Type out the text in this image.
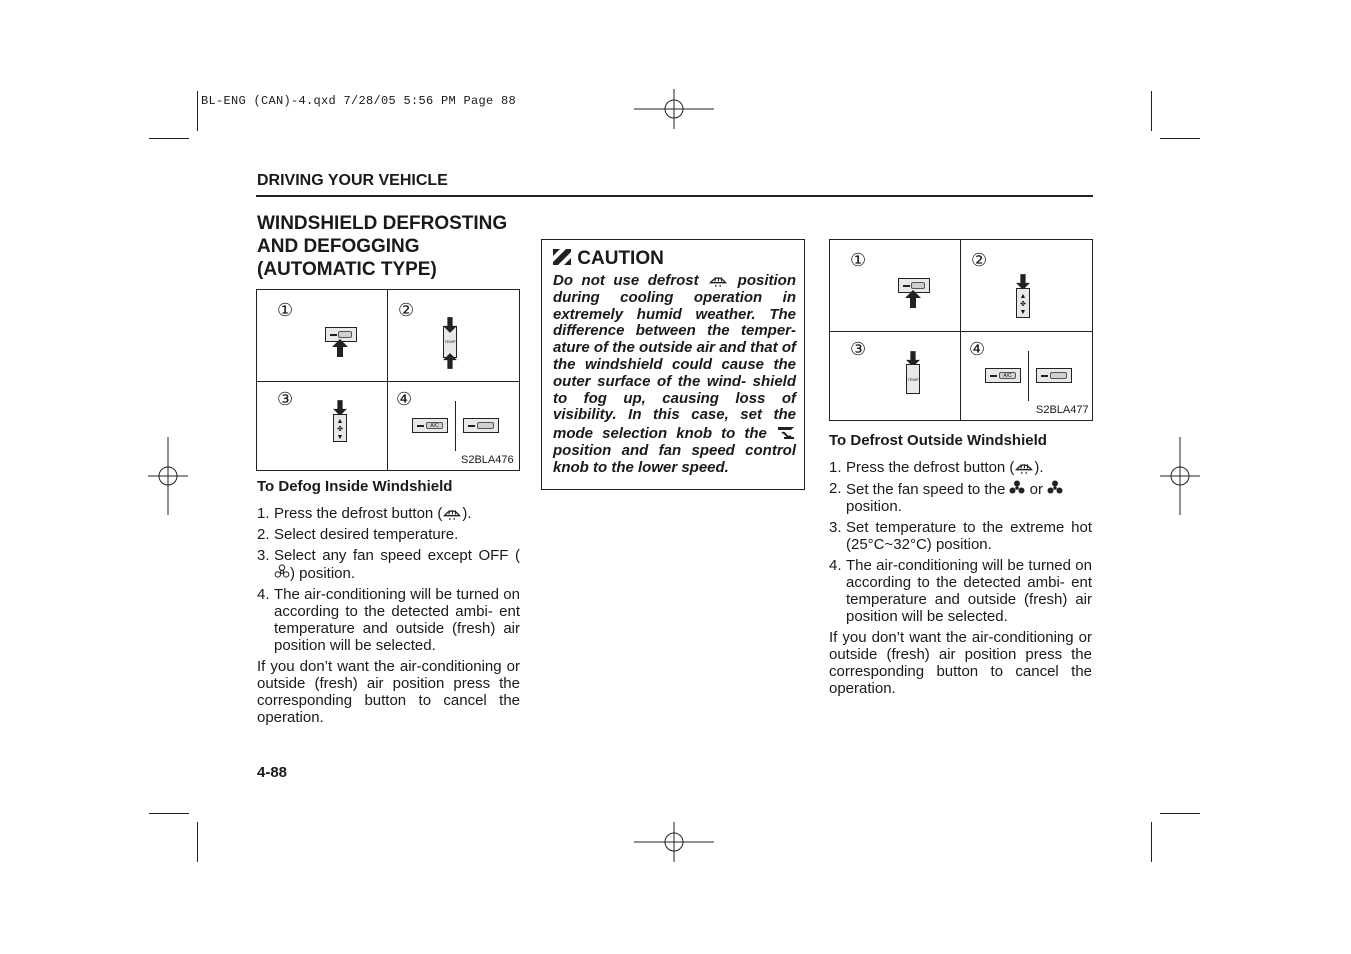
BL-ENG (CAN)-4.qxd 7/28/05 5:56 PM Page 88
DRIVING YOUR VEHICLE
WINDSHIELD DEFROSTING
AND DEFOGGING
(AUTOMATIC TYPE)
①	②
③	④
TEMP
▲
✤
▼
A/C
S2BLA476
To Defog Inside Windshield
1. Press the defrost button ( ).
2. Select desired temperature.
3. Select any fan speed except OFF () position.
4. The air-conditioning will be turned on according to the detected ambi- ent temperature and outside (fresh) air position will be selected.
If you don’t want the air-conditioning or outside (fresh) air position press the corresponding button to cancel the operation.
CAUTION
Do not use defrost	position during cooling operation in extremely humid weather. The difference between the temper- ature of the outside air and that of the windshield could cause the outer surface of the wind- shield to fog up, causing loss of visibility. In this case, set the mode selection knob to the  position and fan speed control knob to the lower speed.
①	②
③	④
▲
✤
▼
TEMP
A/C
S2BLA477
To Defrost Outside Windshield
1. Press the defrost button ( ).
2. Set the fan speed to the or
position.
3. Set temperature to the extreme hot (25°C~32°C) position.
4. The air-conditioning will be turned on according to the detected ambi- ent temperature and outside (fresh) air position will be selected.
If you don’t want the air-conditioning or outside (fresh) air position press the corresponding button to cancel the operation.
4-88
